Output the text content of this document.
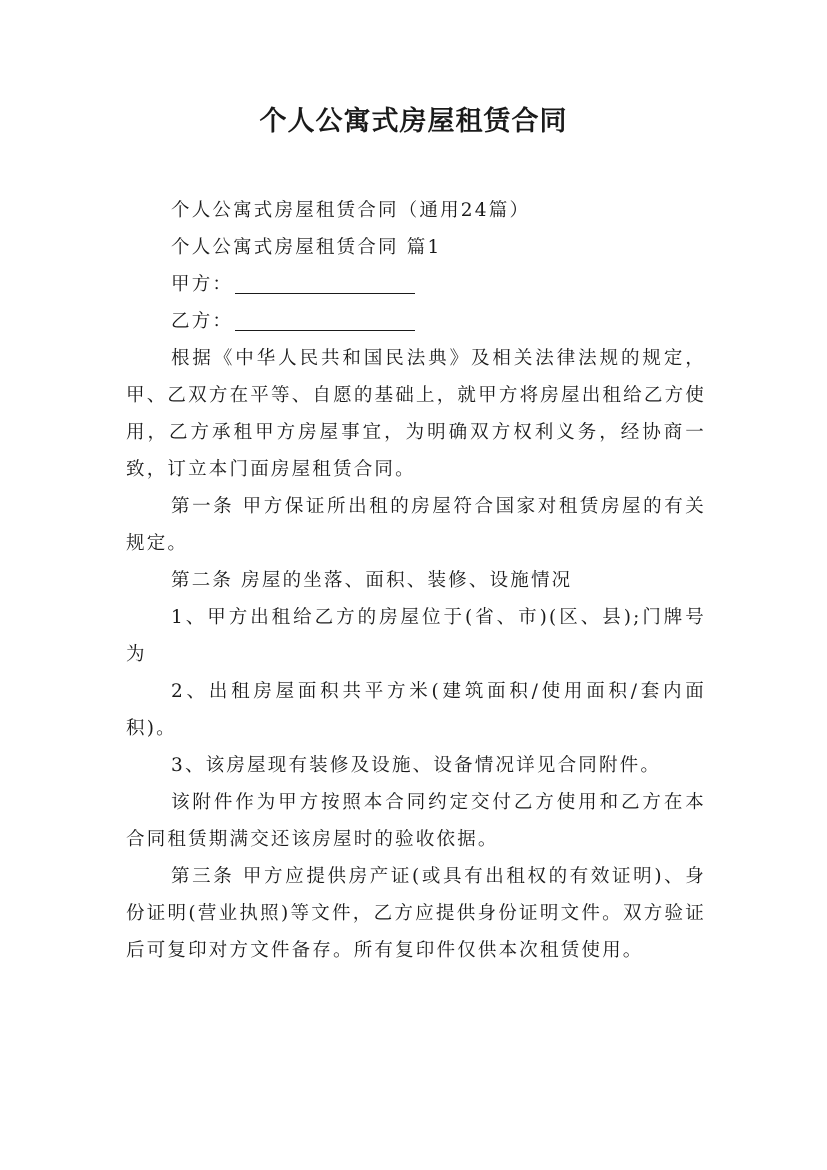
个人公寓式房屋租赁合同

个人公寓式房屋租赁合同（通用24篇）

个人公寓式房屋租赁合同 篇1

甲方：

乙方：

根据《中华人民共和国民法典》及相关法律法规的规定，甲、乙双方在平等、自愿的基础上，就甲方将房屋出租给乙方使用，乙方承租甲方房屋事宜，为明确双方权利义务，经协商一致，订立本门面房屋租赁合同。

第一条 甲方保证所出租的房屋符合国家对租赁房屋的有关规定。

第二条 房屋的坐落、面积、装修、设施情况

1、甲方出租给乙方的房屋位于(省、市)(区、县);门牌号为

2、出租房屋面积共平方米(建筑面积/使用面积/套内面积)。

3、该房屋现有装修及设施、设备情况详见合同附件。

该附件作为甲方按照本合同约定交付乙方使用和乙方在本合同租赁期满交还该房屋时的验收依据。

第三条 甲方应提供房产证(或具有出租权的有效证明)、身份证明(营业执照)等文件，乙方应提供身份证明文件。双方验证后可复印对方文件备存。所有复印件仅供本次租赁使用。
